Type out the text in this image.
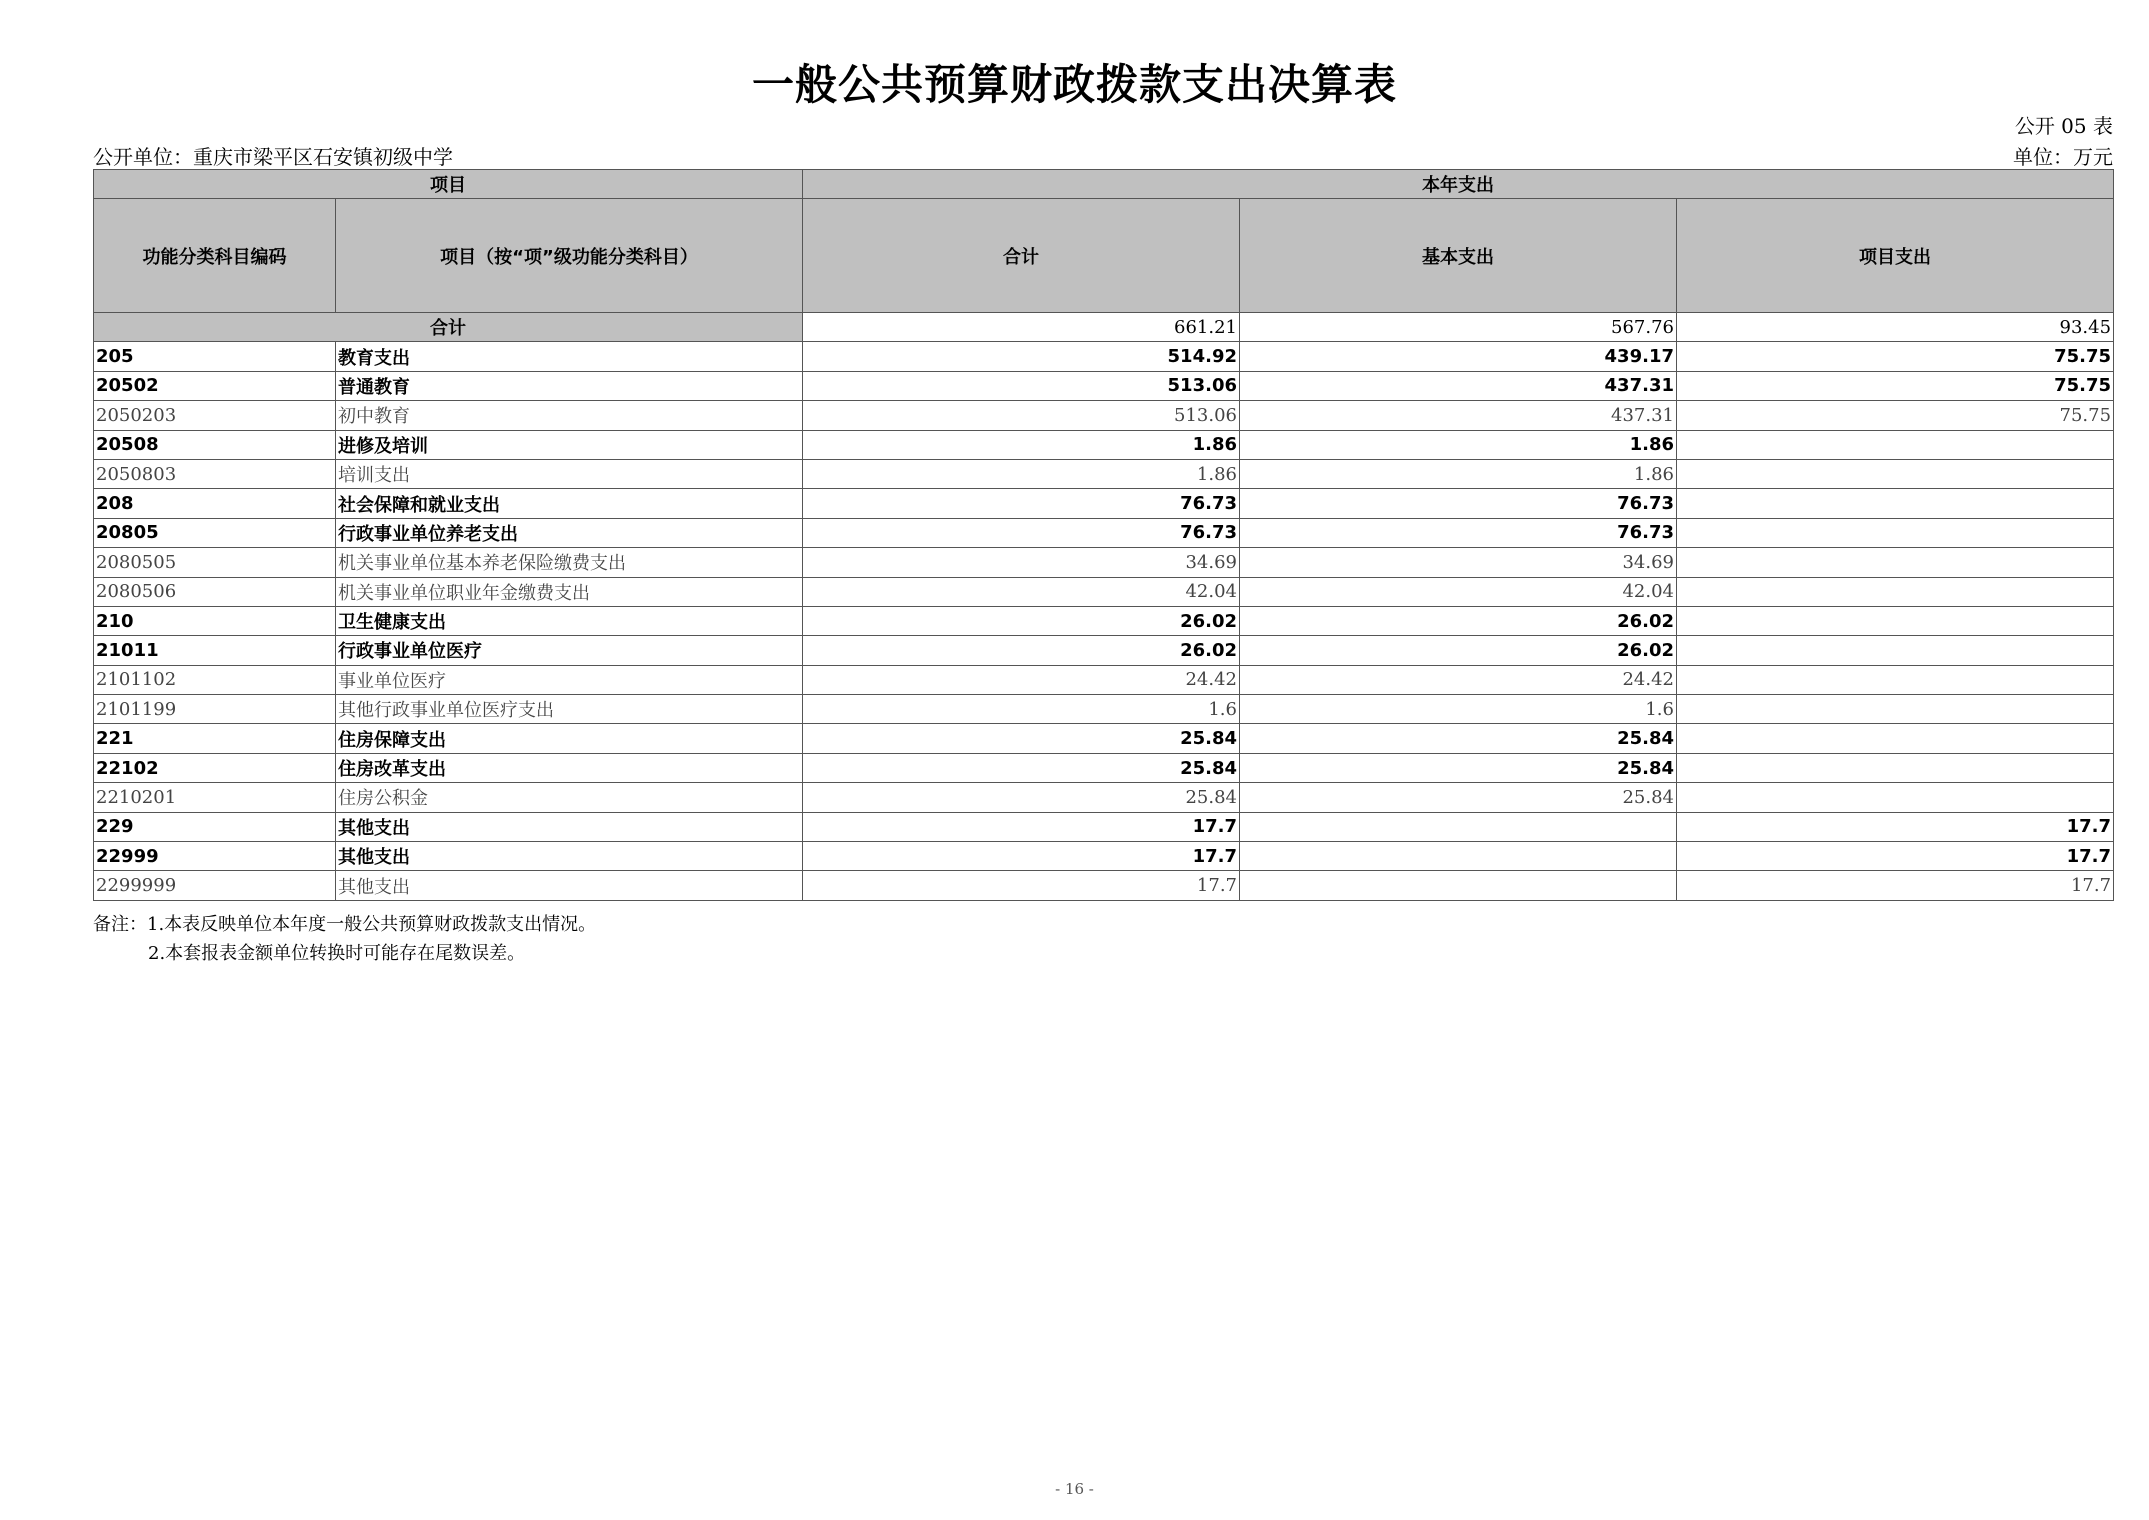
一般公共预算财政拨款支出决算表
公开 05 表
公开单位：重庆市梁平区石安镇初级中学	单位：万元
项目		本年支出		
功能分类科目编码	项目（按“项”级功能分类科目）	合计	基本支出	项目支出
合计		661.21	567.76	93.45
205	教育支出	514.92	439.17	75.75
20502	普通教育	513.06	437.31	75.75
2050203	初中教育	513.06	437.31	75.75
20508	进修及培训	1.86	1.86	
2050803	培训支出	1.86	1.86	
208	社会保障和就业支出	76.73	76.73	
20805	行政事业单位养老支出	76.73	76.73	
2080505	机关事业单位基本养老保险缴费支出	34.69	34.69	
2080506	机关事业单位职业年金缴费支出	42.04	42.04	
210	卫生健康支出	26.02	26.02	
21011	行政事业单位医疗	26.02	26.02	
2101102	事业单位医疗	24.42	24.42	
2101199	其他行政事业单位医疗支出	1.6	1.6	
221	住房保障支出	25.84	25.84	
22102	住房改革支出	25.84	25.84	
2210201	住房公积金	25.84	25.84	
229	其他支出	17.7		17.7
22999	其他支出	17.7		17.7
2299999	其他支出	17.7		17.7
备注：1.本表反映单位本年度一般公共预算财政拨款支出情况。
2.本套报表金额单位转换时可能存在尾数误差。
- 16 -
